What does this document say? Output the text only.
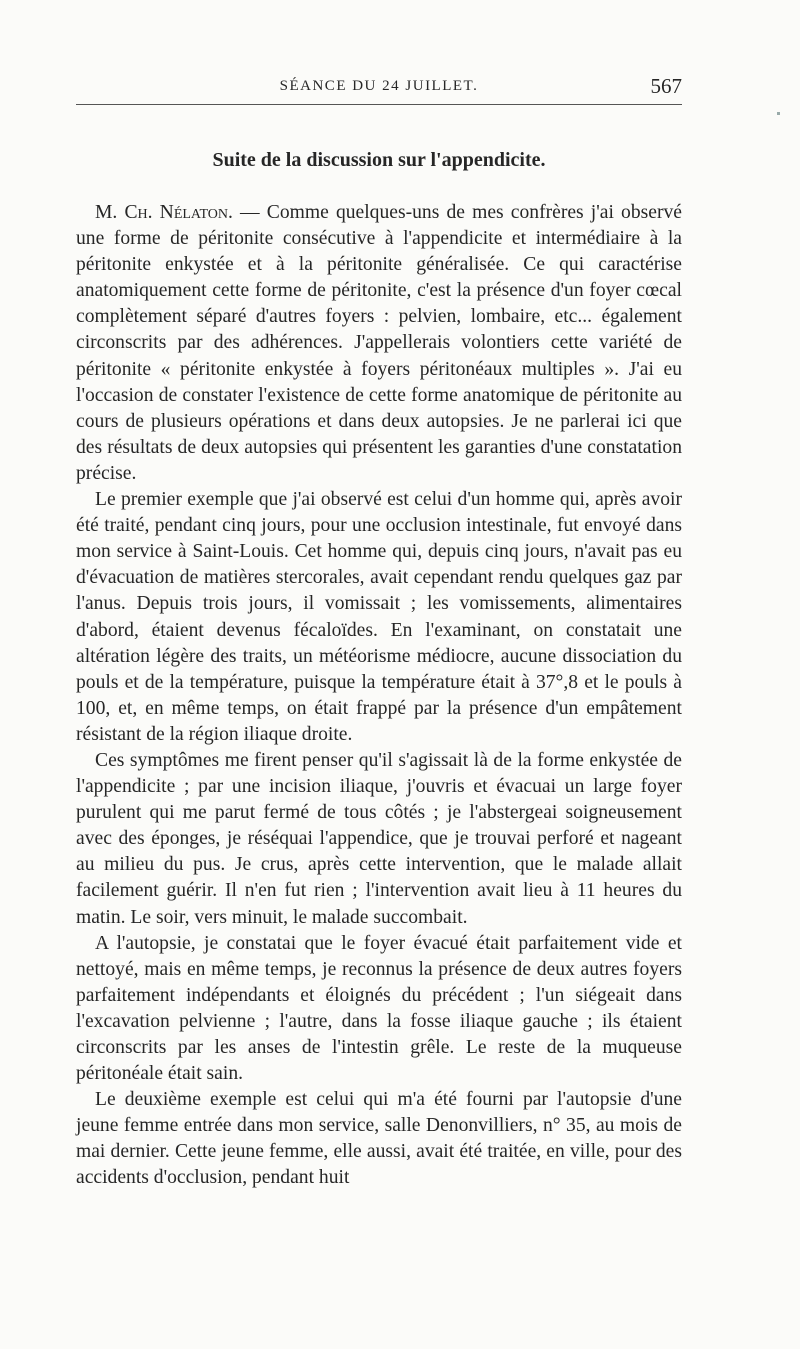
SÉANCE DU 24 JUILLET.	567
Suite de la discussion sur l'appendicite.

M. Ch. Nélaton. — Comme quelques-uns de mes confrères j'ai observé une forme de péritonite consécutive à l'appendicite et intermédiaire à la péritonite enkystée et à la péritonite généralisée. Ce qui caractérise anatomiquement cette forme de péritonite, c'est la présence d'un foyer cœcal complètement séparé d'autres foyers : pelvien, lombaire, etc... également circonscrits par des adhérences. J'appellerais volontiers cette variété de péritonite « péritonite enkystée à foyers péritonéaux multiples ». J'ai eu l'occasion de constater l'existence de cette forme anatomique de péritonite au cours de plusieurs opérations et dans deux autopsies. Je ne parlerai ici que des résultats de deux autopsies qui présentent les garanties d'une constatation précise.

Le premier exemple que j'ai observé est celui d'un homme qui, après avoir été traité, pendant cinq jours, pour une occlusion intestinale, fut envoyé dans mon service à Saint-Louis. Cet homme qui, depuis cinq jours, n'avait pas eu d'évacuation de matières stercorales, avait cependant rendu quelques gaz par l'anus. Depuis trois jours, il vomissait ; les vomissements, alimentaires d'abord, étaient devenus fécaloïdes. En l'examinant, on constatait une altération légère des traits, un météorisme médiocre, aucune dissociation du pouls et de la température, puisque la température était à 37°,8 et le pouls à 100, et, en même temps, on était frappé par la présence d'un empâtement résistant de la région iliaque droite.

Ces symptômes me firent penser qu'il s'agissait là de la forme enkystée de l'appendicite ; par une incision iliaque, j'ouvris et évacuai un large foyer purulent qui me parut fermé de tous côtés ; je l'abstergeai soigneusement avec des éponges, je réséquai l'appendice, que je trouvai perforé et nageant au milieu du pus. Je crus, après cette intervention, que le malade allait facilement guérir. Il n'en fut rien ; l'intervention avait lieu à 11 heures du matin. Le soir, vers minuit, le malade succombait.

A l'autopsie, je constatai que le foyer évacué était parfaitement vide et nettoyé, mais en même temps, je reconnus la présence de deux autres foyers parfaitement indépendants et éloignés du précédent ; l'un siégeait dans l'excavation pelvienne ; l'autre, dans la fosse iliaque gauche ; ils étaient circonscrits par les anses de l'intestin grêle. Le reste de la muqueuse péritonéale était sain.

Le deuxième exemple est celui qui m'a été fourni par l'autopsie d'une jeune femme entrée dans mon service, salle Denonvilliers, n° 35, au mois de mai dernier. Cette jeune femme, elle aussi, avait été traitée, en ville, pour des accidents d'occlusion, pendant huit
